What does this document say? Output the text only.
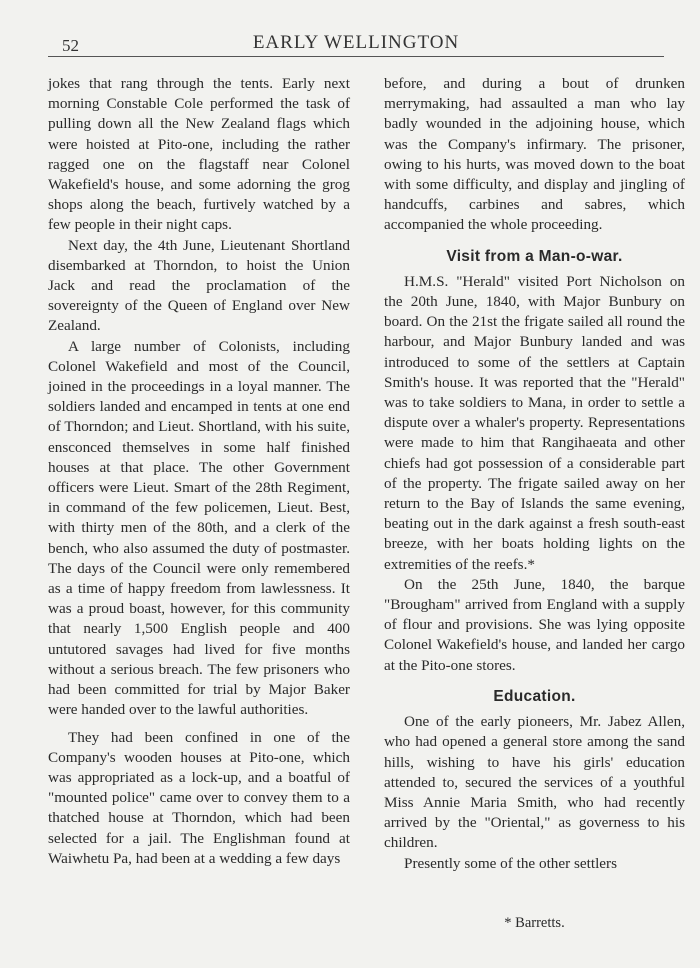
52	EARLY WELLINGTON

jokes that rang through the tents. Early next morning Constable Cole performed the task of pulling down all the New Zealand flags which were hoisted at Pito-one, including the rather ragged one on the flagstaff near Colonel Wakefield's house, and some adorning the grog shops along the beach, furtively watched by a few people in their night caps.

Next day, the 4th June, Lieutenant Shortland disembarked at Thorndon, to hoist the Union Jack and read the proclamation of the sovereignty of the Queen of England over New Zealand.

A large number of Colonists, including Colonel Wakefield and most of the Council, joined in the proceedings in a loyal manner. The soldiers landed and encamped in tents at one end of Thorndon; and Lieut. Shortland, with his suite, ensconced themselves in some half finished houses at that place. The other Government officers were Lieut. Smart of the 28th Regiment, in command of the few policemen, Lieut. Best, with thirty men of the 80th, and a clerk of the bench, who also assumed the duty of postmaster. The days of the Council were only remembered as a time of happy freedom from lawlessness. It was a proud boast, however, for this community that nearly 1,500 English people and 400 untutored savages had lived for five months without a serious breach. The few prisoners who had been committed for trial by Major Baker were handed over to the lawful authorities.

They had been confined in one of the Company's wooden houses at Pito-one, which was appropriated as a lock-up, and a boatful of "mounted police" came over to convey them to a thatched house at Thorndon, which had been selected for a jail. The Englishman found at Waiwhetu Pa, had been at a wedding a few days

before, and during a bout of drunken merrymaking, had assaulted a man who lay badly wounded in the adjoining house, which was the Company's infirmary. The prisoner, owing to his hurts, was moved down to the boat with some difficulty, and display and jingling of handcuffs, carbines and sabres, which accompanied the whole proceeding.

Visit from a Man-o-war.

H.M.S. "Herald" visited Port Nicholson on the 20th June, 1840, with Major Bunbury on board. On the 21st the frigate sailed all round the harbour, and Major Bunbury landed and was introduced to some of the settlers at Captain Smith's house. It was reported that the "Herald" was to take soldiers to Mana, in order to settle a dispute over a whaler's property. Representations were made to him that Rangihaeata and other chiefs had got possession of a considerable part of the property. The frigate sailed away on her return to the Bay of Islands the same evening, beating out in the dark against a fresh south-east breeze, with her boats holding lights on the extremities of the reefs.*

On the 25th June, 1840, the barque "Brougham" arrived from England with a supply of flour and provisions. She was lying opposite Colonel Wakefield's house, and landed her cargo at the Pito-one stores.

Education.

One of the early pioneers, Mr. Jabez Allen, who had opened a general store among the sand hills, wishing to have his girls' education attended to, secured the services of a youthful Miss Annie Maria Smith, who had recently arrived by the "Oriental," as governess to his children.

Presently some of the other settlers

* Barretts.
